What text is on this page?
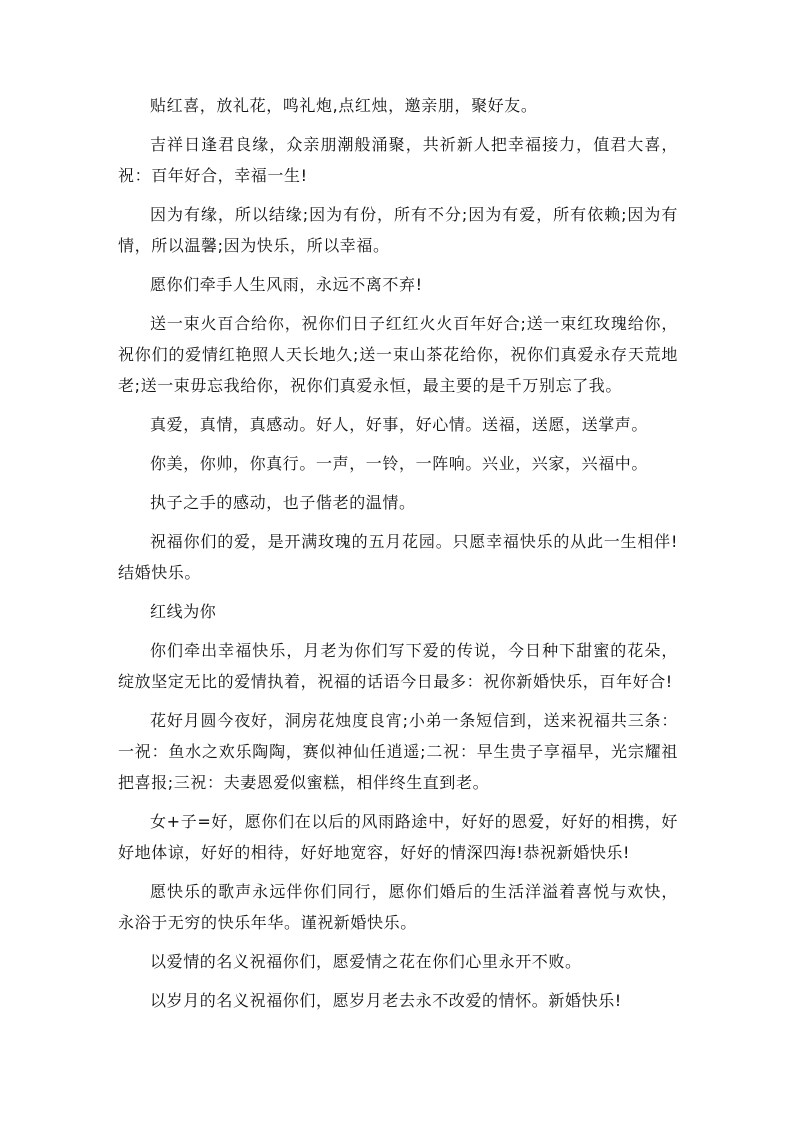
贴红喜，放礼花，鸣礼炮,点红烛，邀亲朋，聚好友。

吉祥日逢君良缘，众亲朋潮般涌聚，共祈新人把幸福接力，值君大喜，祝：百年好合，幸福一生!

因为有缘，所以结缘;因为有份，所有不分;因为有爱，所有依赖;因为有情，所以温馨;因为快乐，所以幸福。

愿你们牵手人生风雨，永远不离不弃!

送一束火百合给你，祝你们日子红红火火百年好合;送一束红玫瑰给你，祝你们的爱情红艳照人天长地久;送一束山茶花给你，祝你们真爱永存天荒地老;送一束毋忘我给你，祝你们真爱永恒，最主要的是千万别忘了我。

真爱，真情，真感动。好人，好事，好心情。送福，送愿，送掌声。

你美，你帅，你真行。一声，一铃，一阵响。兴业，兴家，兴福中。

执子之手的感动，也子偕老的温情。

祝福你们的爱，是开满玫瑰的五月花园。只愿幸福快乐的从此一生相伴!结婚快乐。

红线为你

你们牵出幸福快乐，月老为你们写下爱的传说，今日种下甜蜜的花朵，绽放坚定无比的爱情执着，祝福的话语今日最多：祝你新婚快乐，百年好合!

花好月圆今夜好，洞房花烛度良宵;小弟一条短信到，送来祝福共三条：一祝：鱼水之欢乐陶陶，赛似神仙任逍遥;二祝：早生贵子享福早，光宗耀祖把喜报;三祝：夫妻恩爱似蜜糕，相伴终生直到老。

女+子=好，愿你们在以后的风雨路途中，好好的恩爱，好好的相携，好好地体谅，好好的相待，好好地宽容，好好的情深四海!恭祝新婚快乐!

愿快乐的歌声永远伴你们同行，愿你们婚后的生活洋溢着喜悦与欢快，永浴于无穷的快乐年华。谨祝新婚快乐。

以爱情的名义祝福你们，愿爱情之花在你们心里永开不败。

以岁月的名义祝福你们，愿岁月老去永不改爱的情怀。新婚快乐!
